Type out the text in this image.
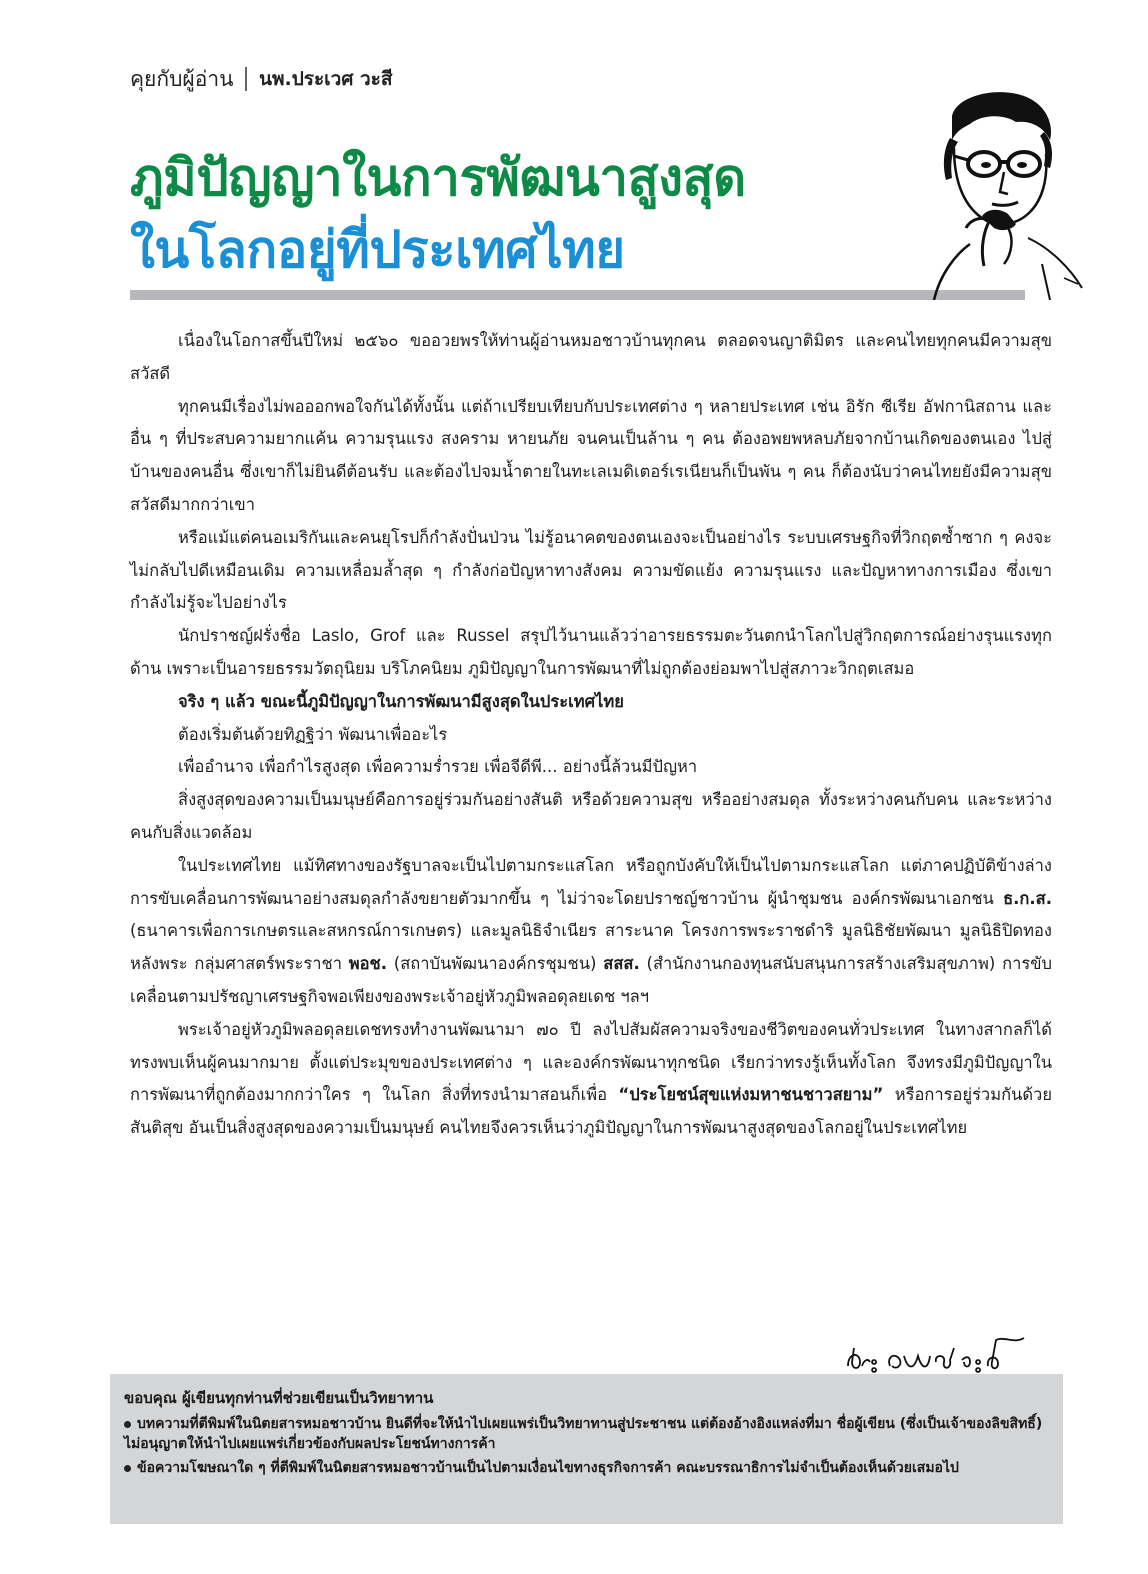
คุยกับผู้อ่าน นพ.ประเวศ วะสี
ภูมิปัญญาในการพัฒนาสูงสุด
ในโลกอยู่ที่ประเทศไทย

เนื่องในโอกาสขึ้นปีใหม่ ๒๕๖๐ ขออวยพรให้ท่านผู้อ่านหมอชาวบ้านทุกคน ตลอดจนญาติมิตร และคนไทยทุกคนมีความสุขสวัสดี

ทุกคนมีเรื่องไม่พอออกพอใจกันได้ทั้งนั้น แต่ถ้าเปรียบเทียบกับประเทศต่าง ๆ หลายประเทศ เช่น อิรัก ซีเรีย อัฟกานิสถาน และอื่น ๆ ที่ประสบความยากแค้น ความรุนแรง สงคราม หายนภัย จนคนเป็นล้าน ๆ คน ต้องอพยพหลบภัยจากบ้านเกิดของตนเอง ไปสู่บ้านของคนอื่น ซึ่งเขาก็ไม่ยินดีต้อนรับ และต้องไปจมน้ำตายในทะเลเมดิเตอร์เรเนียนก็เป็นพัน ๆ คน ก็ต้องนับว่าคนไทยยังมีความสุขสวัสดีมากกว่าเขา

หรือแม้แต่คนอเมริกันและคนยุโรปก็กำลังปั่นป่วน ไม่รู้อนาคตของตนเองจะเป็นอย่างไร ระบบเศรษฐกิจที่วิกฤตซ้ำซาก ๆ คงจะไม่กลับไปดีเหมือนเดิม ความเหลื่อมล้ำสุด ๆ กำลังก่อปัญหาทางสังคม ความขัดแย้ง ความรุนแรง และปัญหาทางการเมือง ซึ่งเขากำลังไม่รู้จะไปอย่างไร

นักปราชญ์ฝรั่งชื่อ Laslo, Grof และ Russel สรุปไว้นานแล้วว่าอารยธรรมตะวันตกนำโลกไปสู่วิกฤตการณ์อย่างรุนแรงทุกด้าน เพราะเป็นอารยธรรมวัตถุนิยม บริโภคนิยม ภูมิปัญญาในการพัฒนาที่ไม่ถูกต้องย่อมพาไปสู่สภาวะวิกฤตเสมอ

จริง ๆ แล้ว ขณะนี้ภูมิปัญญาในการพัฒนามีสูงสุดในประเทศไทย

ต้องเริ่มต้นด้วยทิฏฐิว่า พัฒนาเพื่ออะไร

เพื่ออำนาจ เพื่อกำไรสูงสุด เพื่อความร่ำรวย เพื่อจีดีพี... อย่างนี้ล้วนมีปัญหา

สิ่งสูงสุดของความเป็นมนุษย์คือการอยู่ร่วมกันอย่างสันติ หรือด้วยความสุข หรืออย่างสมดุล ทั้งระหว่างคนกับคน และระหว่างคนกับสิ่งแวดล้อม

ในประเทศไทย แม้ทิศทางของรัฐบาลจะเป็นไปตามกระแสโลก หรือถูกบังคับให้เป็นไปตามกระแสโลก แต่ภาคปฏิบัติข้างล่าง การขับเคลื่อนการพัฒนาอย่างสมดุลกำลังขยายตัวมากขึ้น ๆ ไม่ว่าจะโดยปราชญ์ชาวบ้าน ผู้นำชุมชน องค์กรพัฒนาเอกชน ธ.ก.ส. (ธนาคารเพื่อการเกษตรและสหกรณ์การเกษตร) และมูลนิธิจำเนียร สาระนาค โครงการพระราชดำริ มูลนิธิชัยพัฒนา มูลนิธิปิดทองหลังพระ กลุ่มศาสตร์พระราชา พอช. (สถาบันพัฒนาองค์กรชุมชน) สสส. (สำนักงานกองทุนสนับสนุนการสร้างเสริมสุขภาพ) การขับเคลื่อนตามปรัชญาเศรษฐกิจพอเพียงของพระเจ้าอยู่หัวภูมิพลอดุลยเดช ฯลฯ

พระเจ้าอยู่หัวภูมิพลอดุลยเดชทรงทำงานพัฒนามา ๗๐ ปี ลงไปสัมผัสความจริงของชีวิตของคนทั่วประเทศ ในทางสากลก็ได้ทรงพบเห็นผู้คนมากมาย ตั้งแต่ประมุขของประเทศต่าง ๆ และองค์กรพัฒนาทุกชนิด เรียกว่าทรงรู้เห็นทั้งโลก จึงทรงมีภูมิปัญญาในการพัฒนาที่ถูกต้องมากกว่าใคร ๆ ในโลก สิ่งที่ทรงนำมาสอนก็เพื่อ “ประโยชน์สุขแห่งมหาชนชาวสยาม” หรือการอยู่ร่วมกันด้วยสันติสุข อันเป็นสิ่งสูงสุดของความเป็นมนุษย์ คนไทยจึงควรเห็นว่าภูมิปัญญาในการพัฒนาสูงสุดของโลกอยู่ในประเทศไทย

ขอบคุณ ผู้เขียนทุกท่านที่ช่วยเขียนเป็นวิทยาทาน
บทความที่ตีพิมพ์ในนิตยสารหมอชาวบ้าน ยินดีที่จะให้นำไปเผยแพร่เป็นวิทยาทานสู่ประชาชน แต่ต้องอ้างอิงแหล่งที่มา ชื่อผู้เขียน (ซึ่งเป็นเจ้าของลิขสิทธิ์) ไม่อนุญาตให้นำไปเผยแพร่เกี่ยวข้องกับผลประโยชน์ทางการค้า
ข้อความโฆษณาใด ๆ ที่ตีพิมพ์ในนิตยสารหมอชาวบ้านเป็นไปตามเงื่อนไขทางธุรกิจการค้า คณะบรรณาธิการไม่จำเป็นต้องเห็นด้วยเสมอไป
